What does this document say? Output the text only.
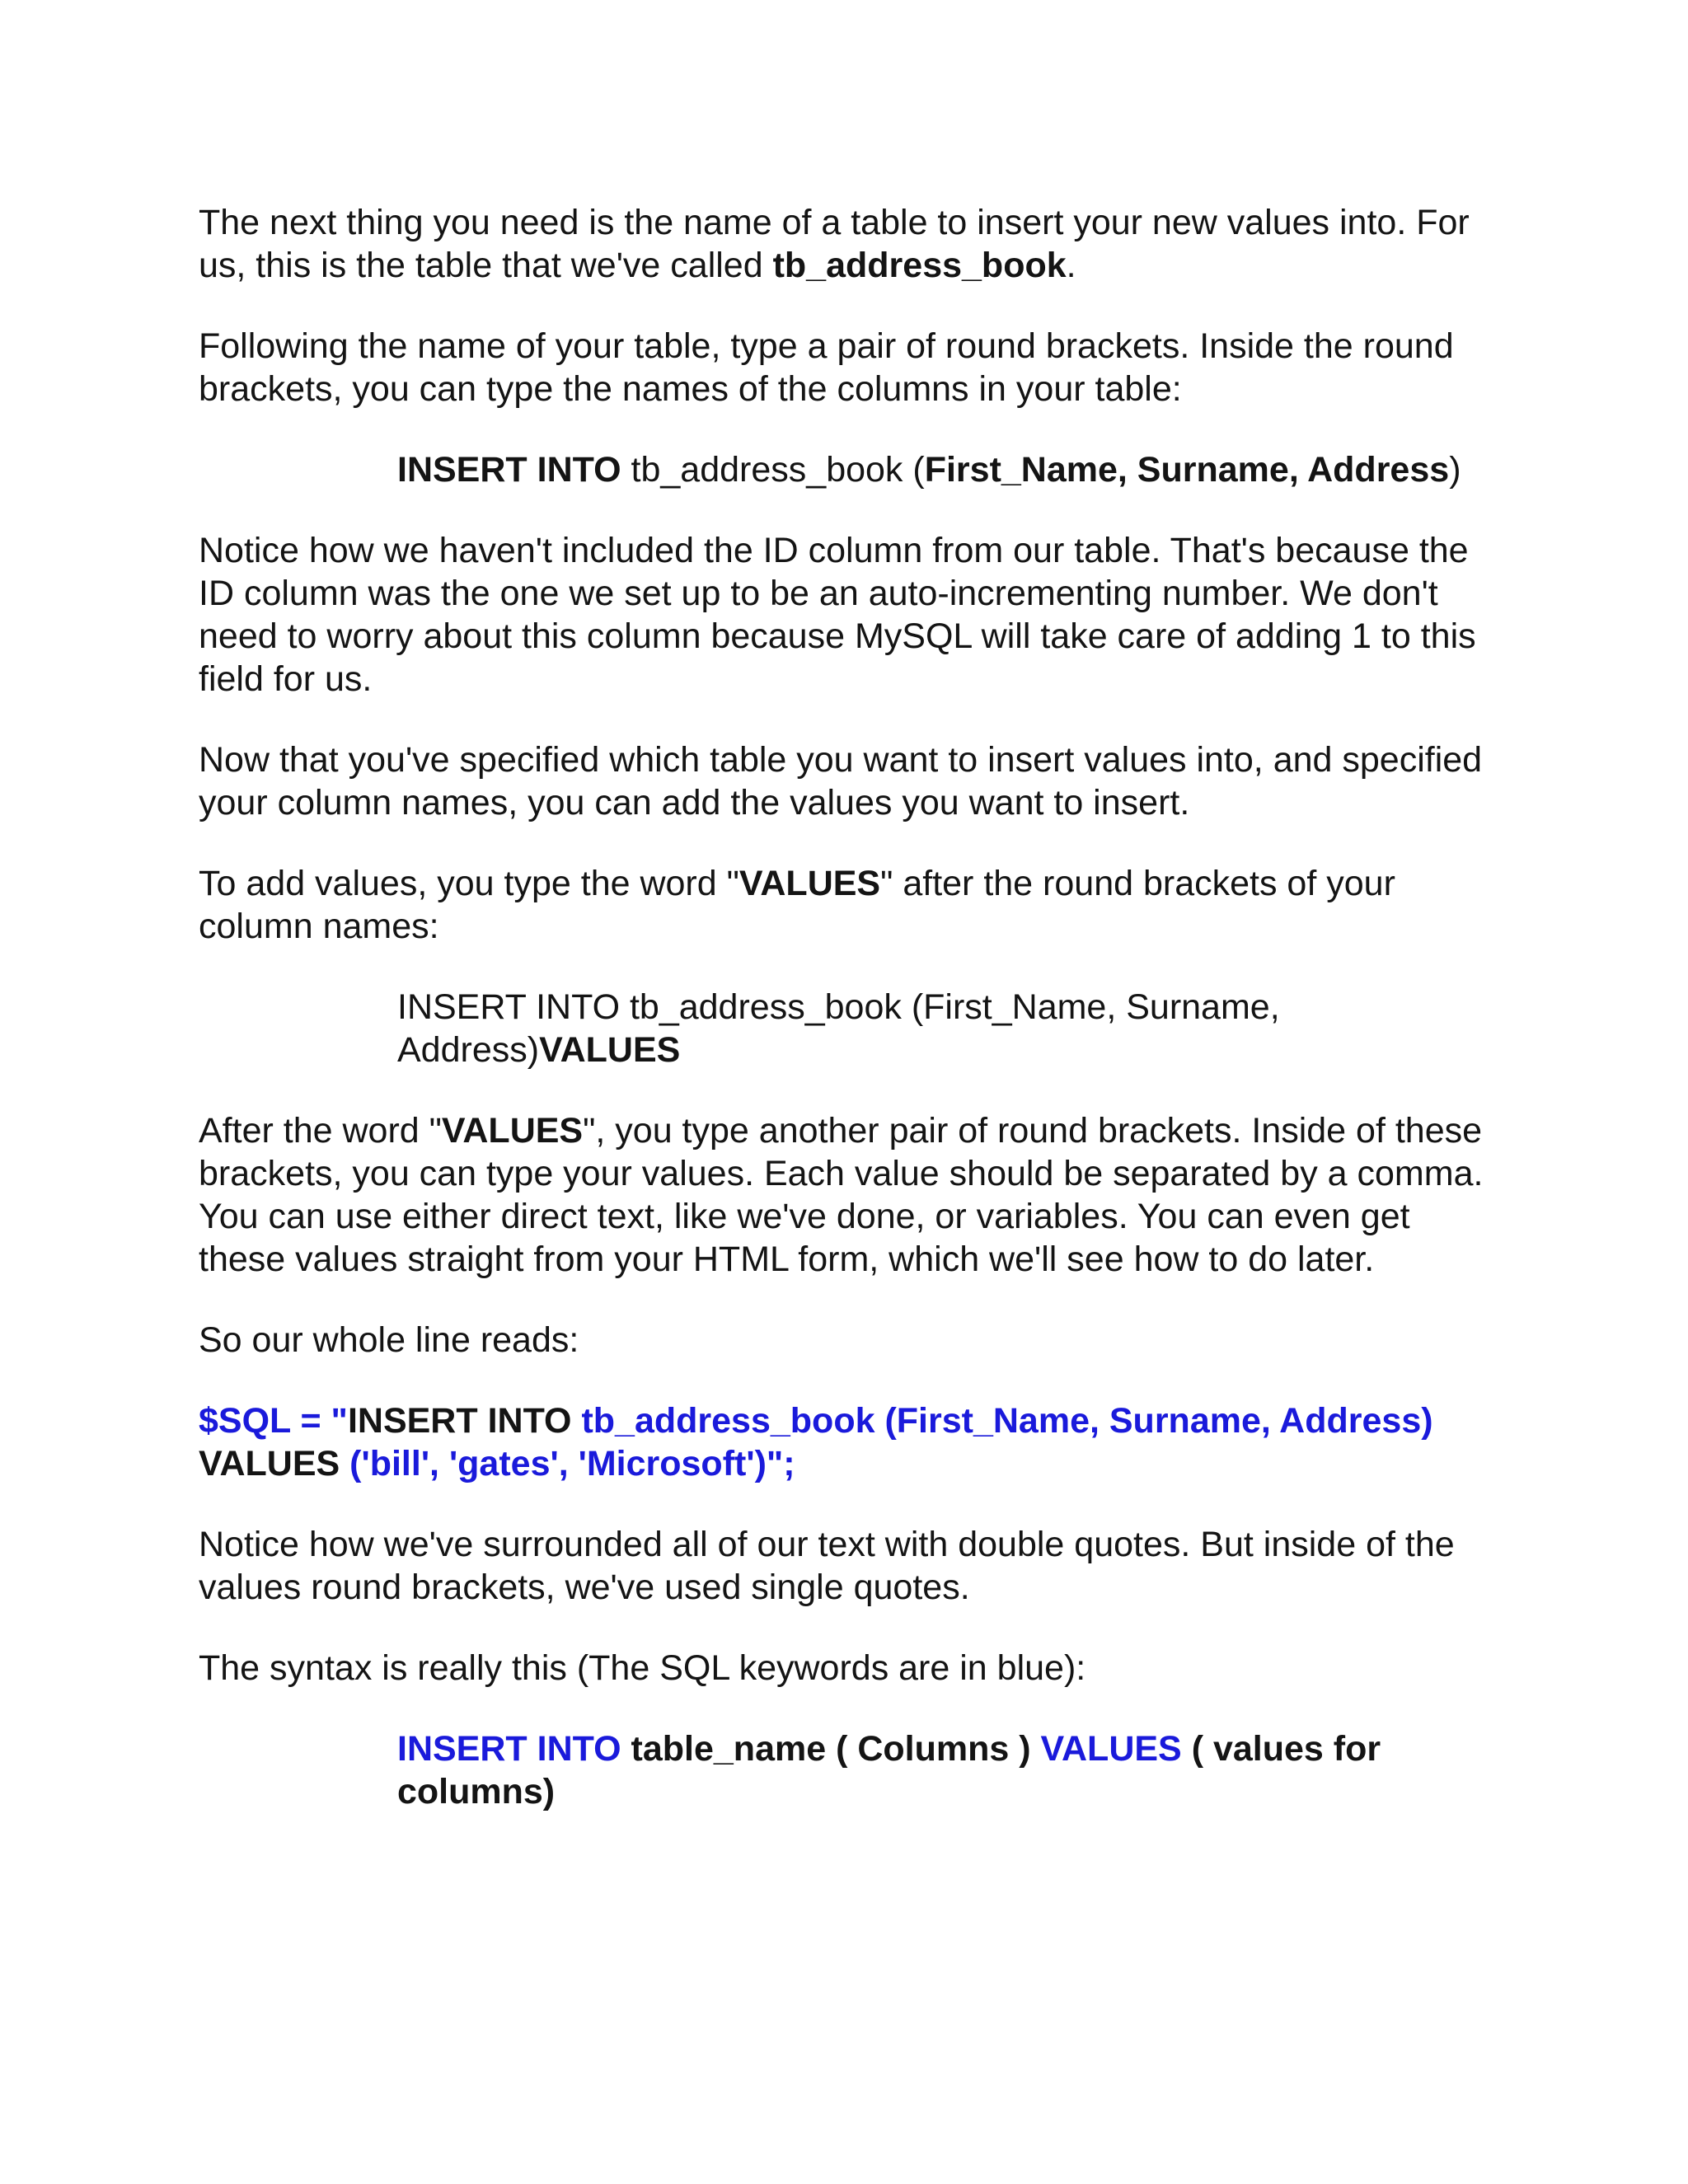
The next thing you need is the name of a table to insert your new values into. For us, this is the table that we've called tb_address_book.

Following the name of your table, type a pair of round brackets. Inside the round brackets, you can type the names of the columns in your table:

INSERT INTO tb_address_book (First_Name, Surname, Address)

Notice how we haven't included the ID column from our table. That's because the ID column was the one we set up to be an auto-incrementing number. We don't need to worry about this column because MySQL will take care of adding 1 to this field for us.

Now that you've specified which table you want to insert values into, and specified your column names, you can add the values you want to insert.

To add values, you type the word "VALUES" after the round brackets of your column names:

INSERT INTO tb_address_book (First_Name, Surname, Address)VALUES

After the word "VALUES", you type another pair of round brackets. Inside of these brackets, you can type your values. Each value should be separated by a comma. You can use either direct text, like we've done, or variables. You can even get these values straight from your HTML form, which we'll see how to do later.

So our whole line reads:

$SQL = "INSERT INTO tb_address_book (First_Name, Surname, Address) VALUES ('bill', 'gates', 'Microsoft')";

Notice how we've surrounded all of our text with double quotes. But inside of the values round brackets, we've used single quotes.

The syntax is really this (The SQL keywords are in blue):

INSERT INTO table_name ( Columns ) VALUES ( values for columns)
